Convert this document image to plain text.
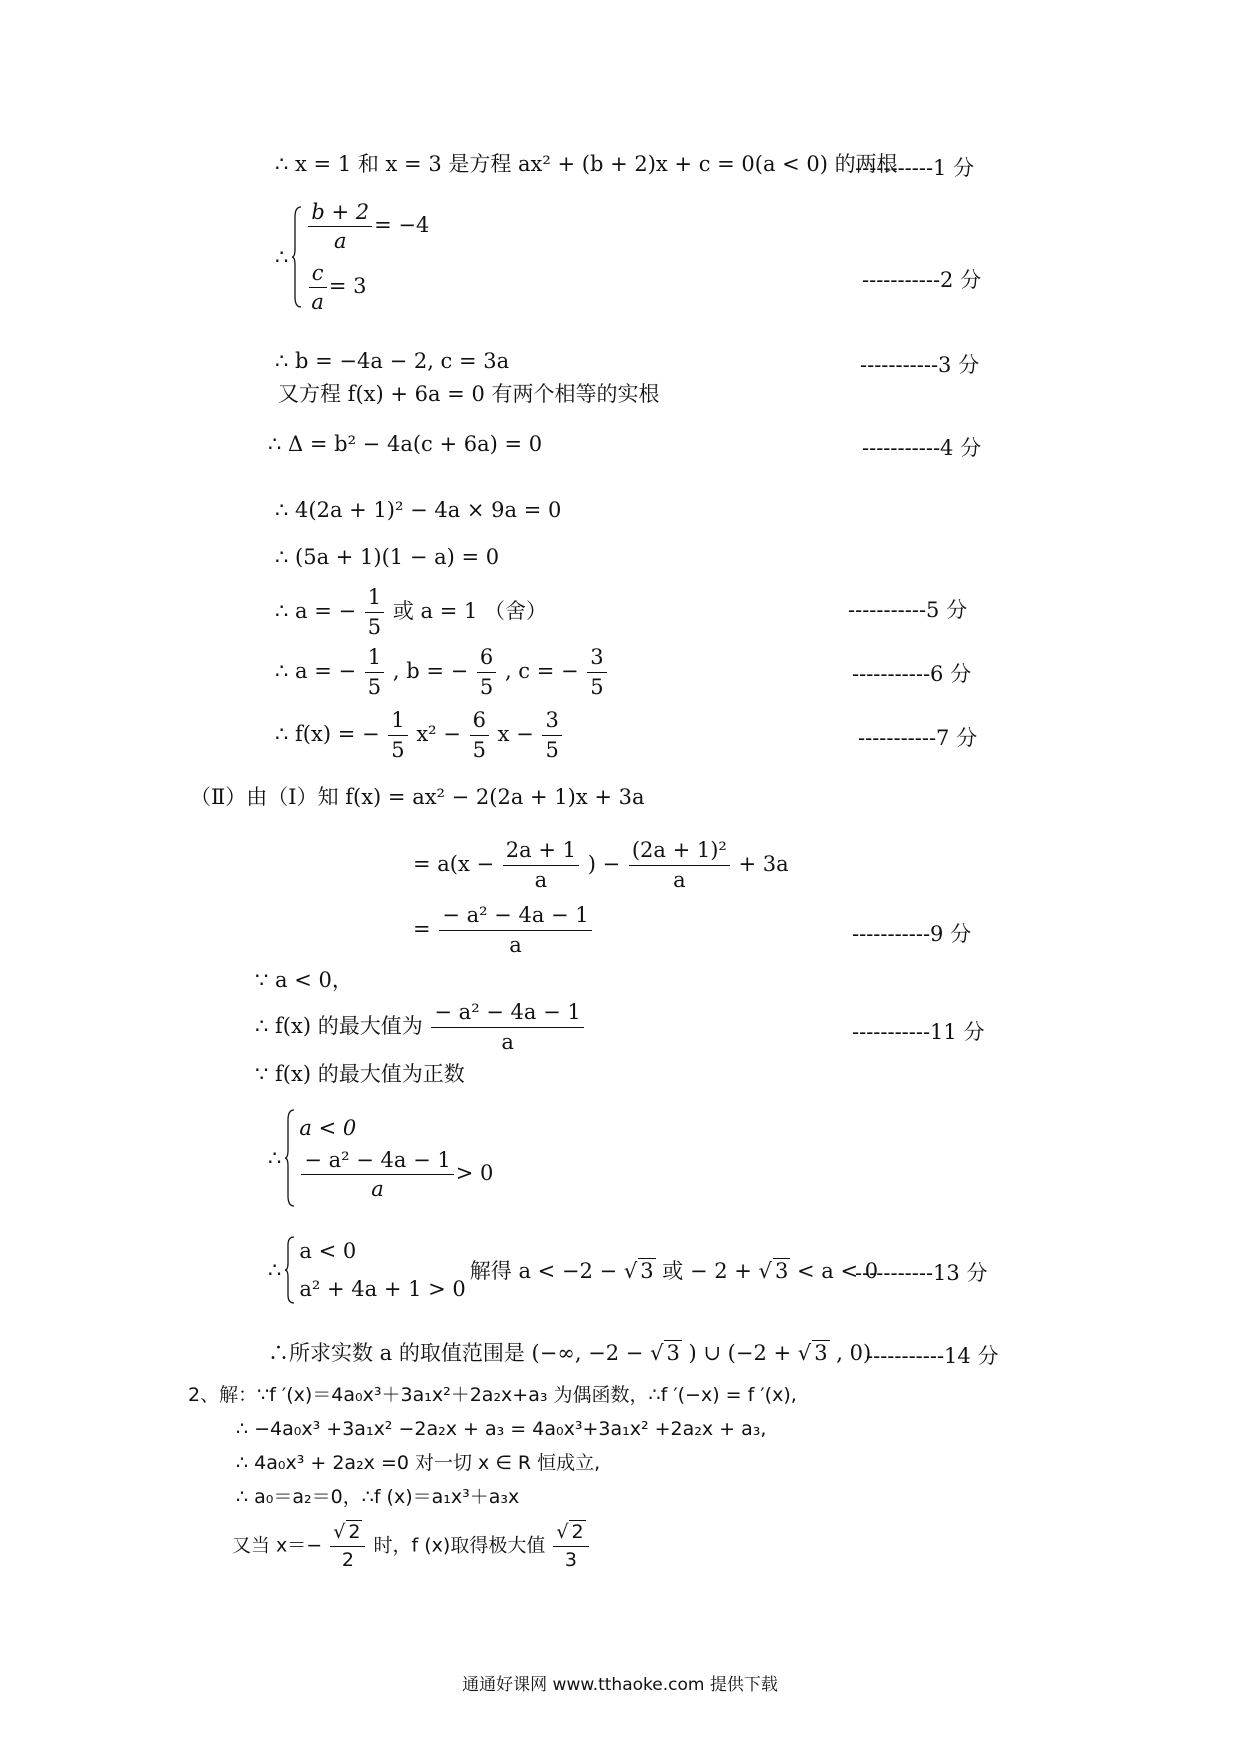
∴ x = 1 和 x = 3 是方程 ax² + (b + 2)x + c = 0(a < 0) 的两根
-----------1 分
∴
$\frac{b + 2}{a} = -4$
$\frac{c}{a} = 3$	-----------2 分
∴ b = −4a − 2, c = 3a	-----------3 分
又方程 f(x) + 6a = 0 有两个相等的实根
∴ Δ = b² − 4a(c + 6a) = 0	-----------4 分
∴ 4(2a + 1)² − 4a × 9a = 0
∴ (5a + 1)(1 − a) = 0
∴ a = − $\frac{1}{5}$ 或 a = 1 （舍）	-----------5 分
∴ a = − $\frac{1}{5}$ , b = − $\frac{6}{5}$ , c = − $\frac{3}{5}$	-----------6 分
∴ f(x) = − $\frac{1}{5} x^2 - \frac{6}{5}$ $x - \frac{3}{5}$	-----------7 分
（Ⅱ）由（Ⅰ）知 f(x) = ax² − 2(2a + 1)x + 3a
= $a(x - \frac{2a + 1}{a}$ ) − $\frac{\text{(2a + 1)²}}{a} + 3a$
= $\frac{\text{− a² − 4a − 1}}{a}$	-----------9 分
∵ a < 0，
∴ f(x) 的最大值为 $\frac{\text{− a² − 4a − 1}}{a}$	-----------11 分
∵ f(x) 的最大值为正数
∴
a < 0
$\frac{\text{− a² − 4a − 1}}{a} > 0$
∴
a < 0
a² + 4a + 1 > 0
解得 a < −2 − √ 3 或 − 2 + √ 3 < a < 0
-----------13 分
∴所求实数 a 的取值范围是 (−∞, −2 − √ 3 ) ∪ (−2 + √ 3 , 0)
-----------14 分
2、解：∵f ′(x)＝4a₀x³＋3a₁x²＋2a₂x+a₃ 为偶函数，∴f ′(−x) = f ′(x),
∴ −4a₀x³ +3a₁x² −2a₂x + a₃ = 4a₀x³+3a₁x² +2a₂x + a₃,
∴ 4a₀x³ + 2a₂x =0 对一切 x ∈ R 恒成立,
∴ a₀＝a₂＝0，∴f (x)＝a₁x³＋a₃x
又当 x＝− √ $\frac{2}{2}$ 时，f (x)取得极大值 √ $\frac{2}{3}$
通通好课网 www.tthaoke.com 提供下载
